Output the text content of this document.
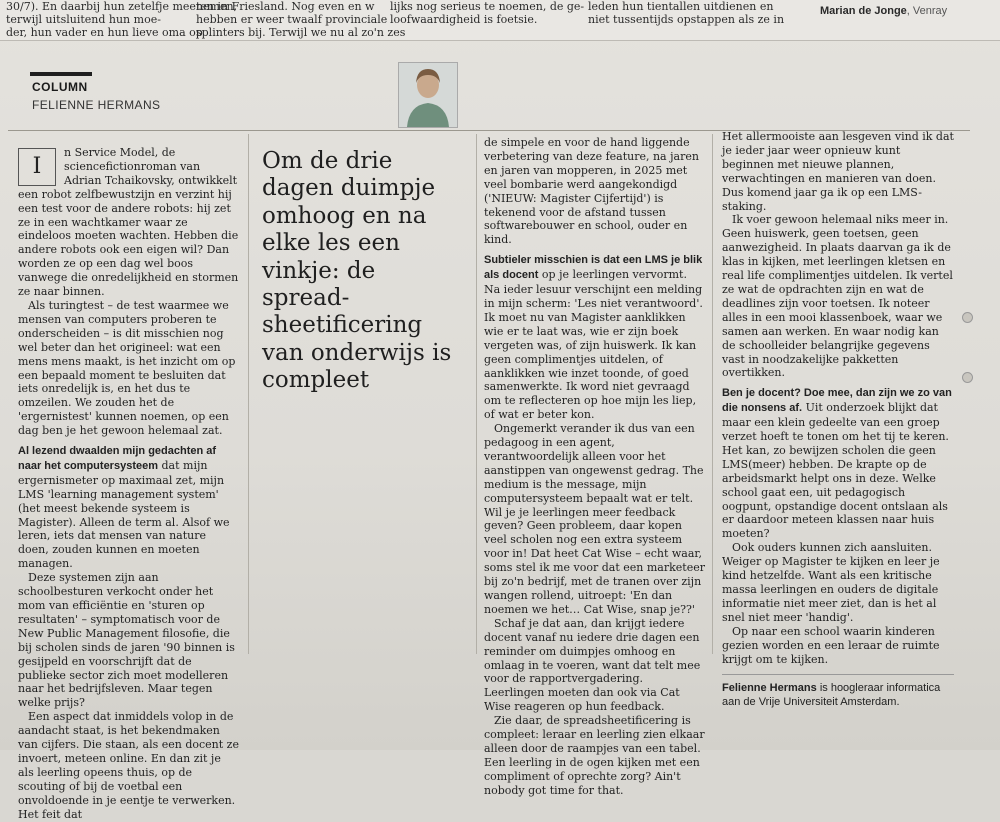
30/7). En daarbij hun zetelfje meenemen,
terwijl uitsluitend hun moe-
der, hun vader en hun lieve oma op
ten in Friesland. Nog even en w
hebben er weer twaalf provinciale
splinters bij. Terwijl we nu al zo'n zes
lijks nog serieus te noemen, de ge-
loofwaardigheid is foetsie.
leden hun tientallen uitdienen en
niet tussentijds opstappen als ze in
Marian de Jonge, Venray
COLUMN
FELIENNE HERMANS
I

n Service Model, de sciencefictionroman van Adrian Tchaikovsky, ontwikkelt een robot zelfbewustzijn en verzint hij een test voor de andere robots: hij zet ze in een wachtkamer waar ze eindeloos moeten wachten. Hebben die andere robots ook een eigen wil? Dan worden ze op een dag wel boos vanwege die onredelijkheid en stormen ze naar binnen.

Als turingtest – de test waarmee we mensen van computers proberen te onderscheiden – is dit misschien nog wel beter dan het origineel: wat een mens mens maakt, is het inzicht om op een bepaald moment te besluiten dat iets onredelijk is, en het dus te omzeilen. We zouden het de 'ergernistest' kunnen noemen, op een dag ben je het gewoon helemaal zat.

Al lezend dwaalden mijn gedachten af naar het computersysteem dat mijn ergernismeter op maximaal zet, mijn LMS 'learning management system' (het meest bekende systeem is Magister). Alleen de term al. Alsof we leren, iets dat mensen van nature doen, zouden kunnen en moeten managen.

Deze systemen zijn aan schoolbesturen verkocht onder het mom van efficiëntie en 'sturen op resultaten' – symptomatisch voor de New Public Management filosofie, die bij scholen sinds de jaren '90 binnen is gesijpeld en voorschrijft dat de publieke sector zich moet modelleren naar het bedrijfsleven. Maar tegen welke prijs?

Een aspect dat inmiddels volop in de aandacht staat, is het bekendmaken van cijfers. Die staan, als een docent ze invoert, meteen online. En dan zit je als leerling opeens thuis, op de scouting of bij de voetbal een onvoldoende in je eentje te verwerken. Het feit dat

Om de drie dagen duimpje omhoog en na elke les een vinkje: de spread-sheetificering van onderwijs is compleet

de simpele en voor de hand liggende verbetering van deze feature, na jaren en jaren van mopperen, in 2025 met veel bombarie werd aangekondigd ('NIEUW: Magister Cijfertijd') is tekenend voor de afstand tussen softwarebouwer en school, ouder en kind.

Subtieler misschien is dat een LMS je blik als docent op je leerlingen vervormt. Na ieder lesuur verschijnt een melding in mijn scherm: 'Les niet verantwoord'. Ik moet nu van Magister aanklikken wie er te laat was, wie er zijn boek vergeten was, of zijn huiswerk. Ik kan geen complimentjes uitdelen, of aanklikken wie inzet toonde, of goed samenwerkte. Ik word niet gevraagd om te reflecteren op hoe mijn les liep, of wat er beter kon.

Ongemerkt verander ik dus van een pedagoog in een agent, verantwoordelijk alleen voor het aanstippen van ongewenst gedrag. The medium is the message, mijn computersysteem bepaalt wat er telt. Wil je je leerlingen meer feedback geven? Geen probleem, daar kopen veel scholen nog een extra systeem voor in! Dat heet Cat Wise – echt waar, soms stel ik me voor dat een marketeer bij zo'n bedrijf, met de tranen over zijn wangen rollend, uitroept: 'En dan noemen we het… Cat Wise, snap je??'

Schaf je dat aan, dan krijgt iedere docent vanaf nu iedere drie dagen een reminder om duimpjes omhoog en omlaag in te voeren, want dat telt mee voor de rapportvergadering. Leerlingen moeten dan ook via Cat Wise reageren op hun feedback.

Zie daar, de spreadsheetificering is compleet: leraar en leerling zien elkaar alleen door de raampjes van een tabel. Een leerling in de ogen kijken met een compliment of oprechte zorg? Ain't nobody got time for that.

Het allermooiste aan lesgeven vind ik dat je ieder jaar weer opnieuw kunt beginnen met nieuwe plannen, verwachtingen en manieren van doen. Dus komend jaar ga ik op een LMS-staking.

Ik voer gewoon helemaal niks meer in. Geen huiswerk, geen toetsen, geen aanwezigheid. In plaats daarvan ga ik de klas in kijken, met leerlingen kletsen en real life complimentjes uitdelen. Ik vertel ze wat de opdrachten zijn en wat de deadlines zijn voor toetsen. Ik noteer alles in een mooi klassenboek, waar we samen aan werken. En waar nodig kan de schoolleider belangrijke gegevens vast in noodzakelijke pakketten overtikken.

Ben je docent? Doe mee, dan zijn we zo van die nonsens af. Uit onderzoek blijkt dat maar een klein gedeelte van een groep verzet hoeft te tonen om het tij te keren. Het kan, zo bewijzen scholen die geen LMS(meer) hebben. De krapte op de arbeidsmarkt helpt ons in deze. Welke school gaat een, uit pedagogisch oogpunt, opstandige docent ontslaan als er daardoor meteen klassen naar huis moeten?

Ook ouders kunnen zich aansluiten. Weiger op Magister te kijken en leer je kind hetzelfde. Want als een kritische massa leerlingen en ouders de digitale informatie niet meer ziet, dan is het al snel niet meer 'handig'.

Op naar een school waarin kinderen gezien worden en een leraar de ruimte krijgt om te kijken.

Felienne Hermans is hoogleraar informatica aan de Vrije Universiteit Amsterdam.
